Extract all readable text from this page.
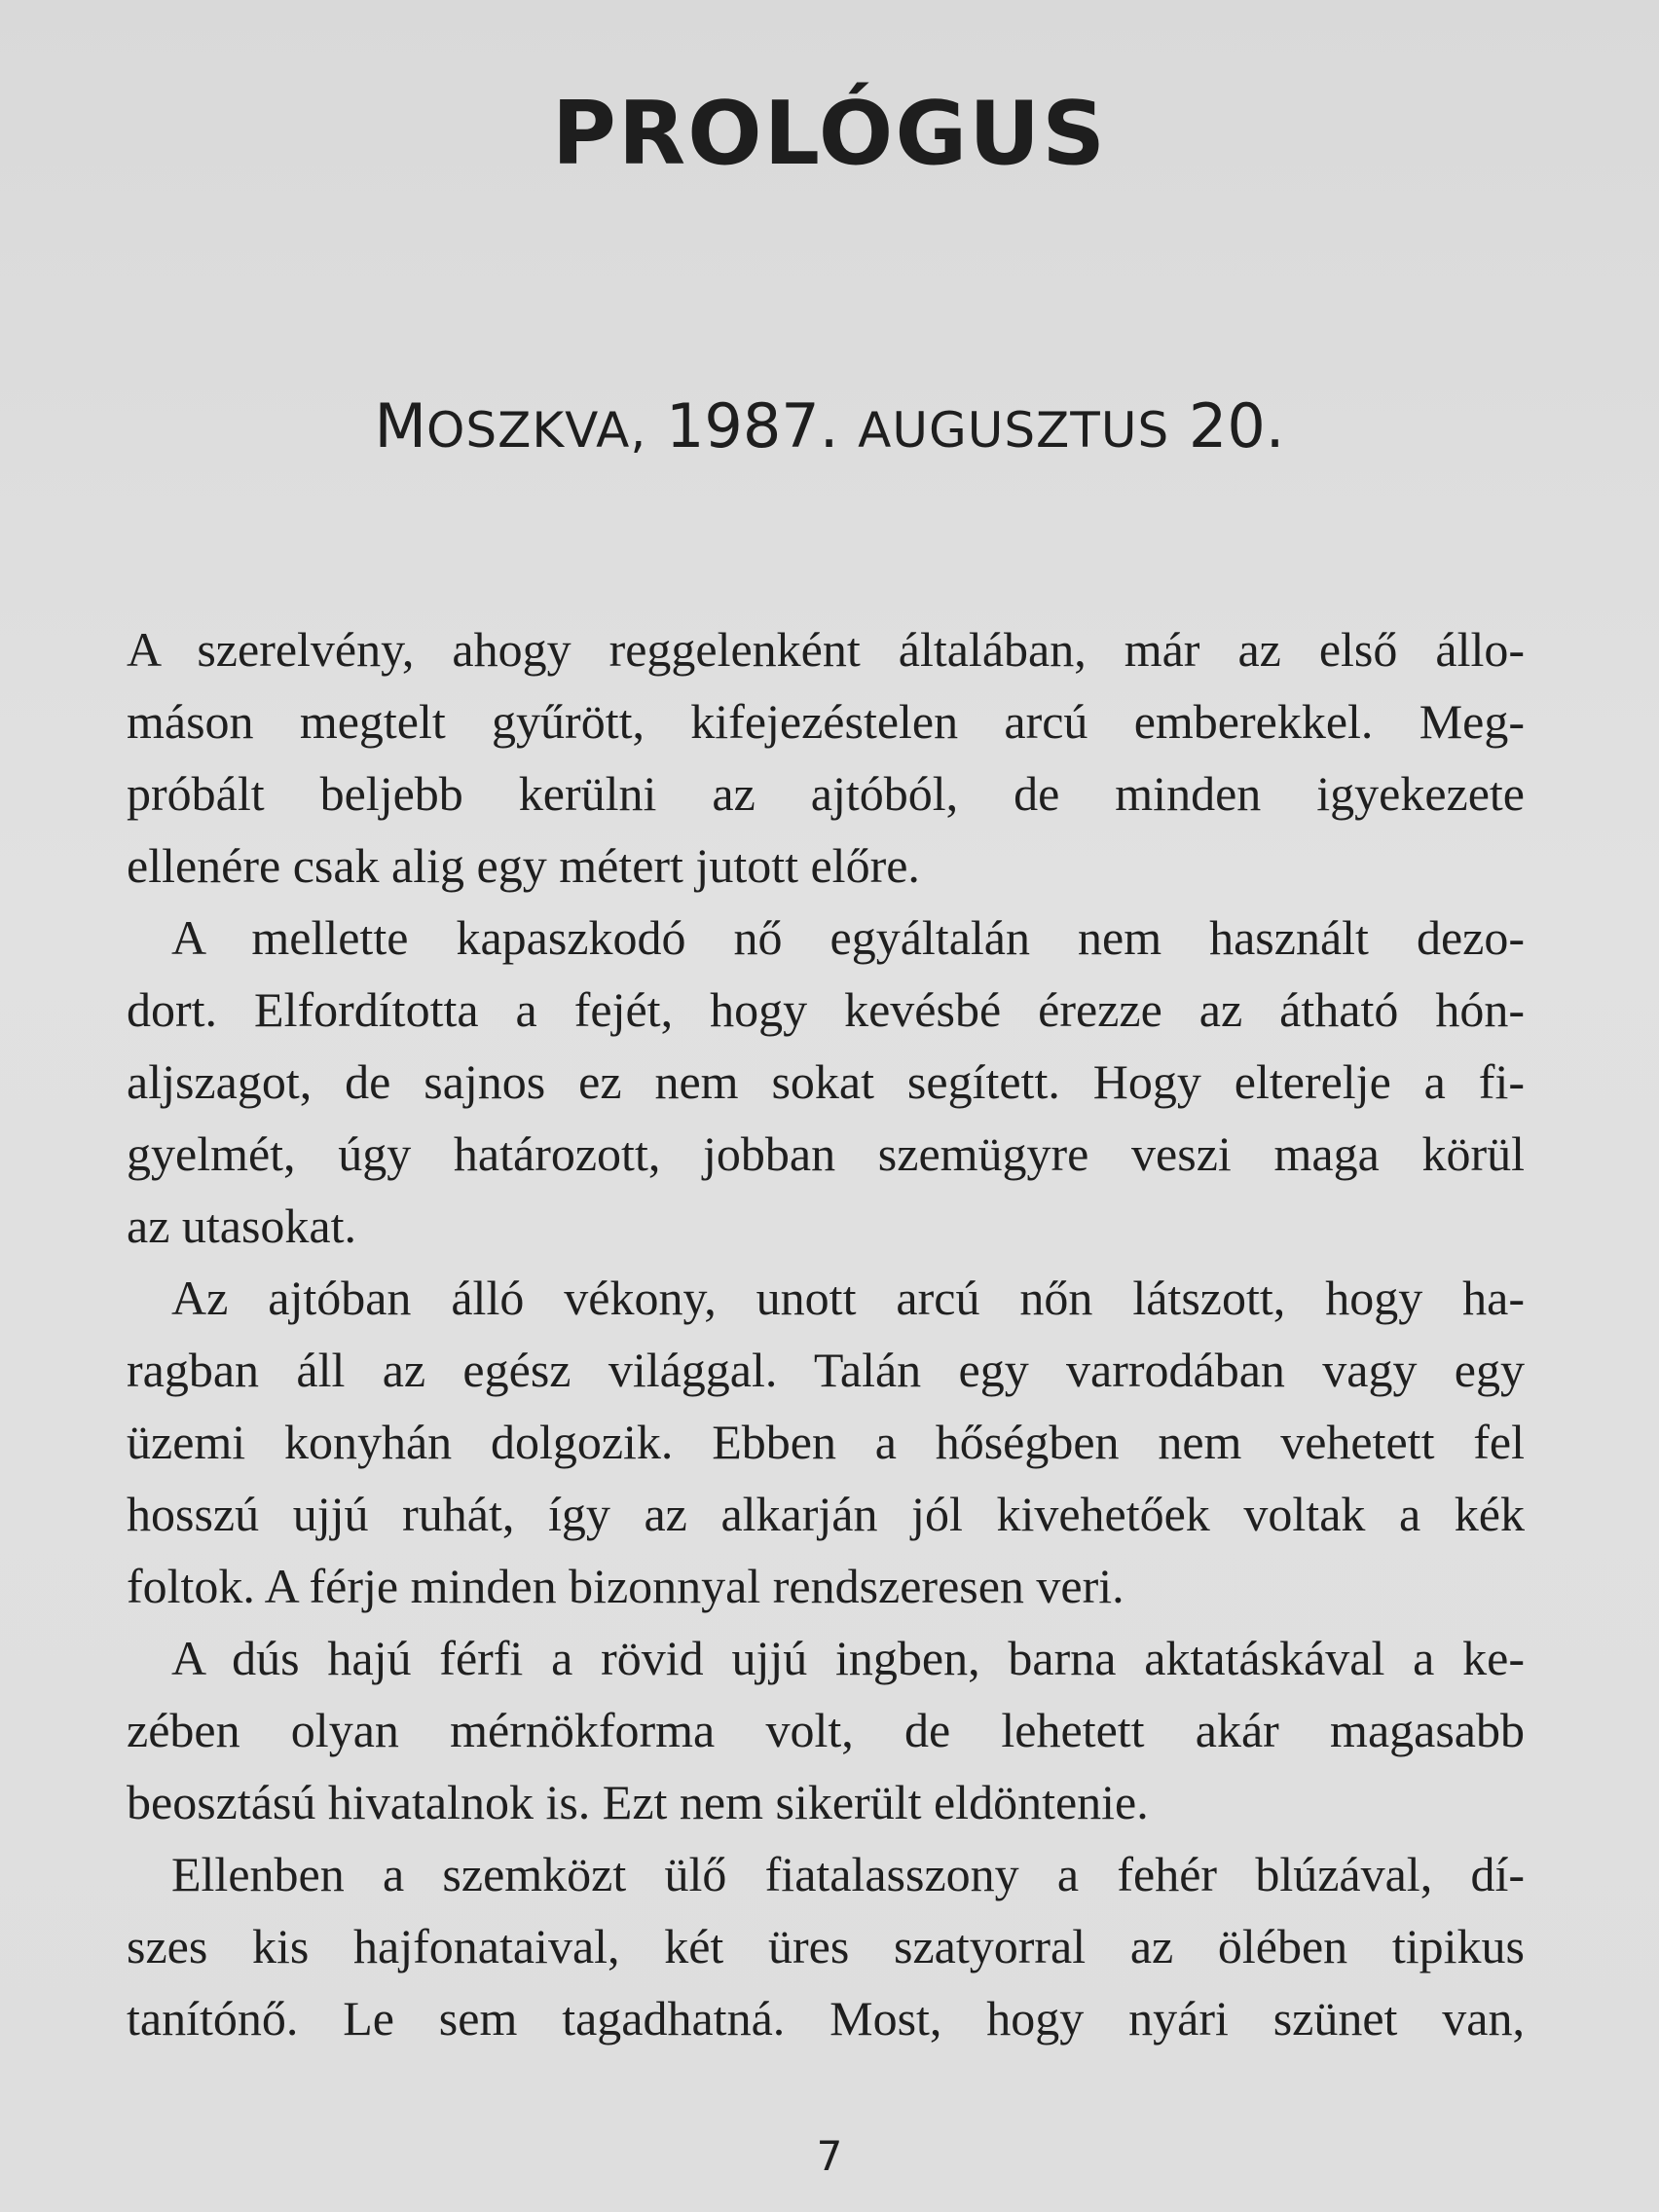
PROLÓGUS
MOSZKVA, 1987. AUGUSZTUS 20.
A szerelvény, ahogy reggelenként általában, már az első állo-
máson megtelt gyűrött, kifejezéstelen arcú emberekkel. Meg-
próbált beljebb kerülni az ajtóból, de minden igyekezete
ellenére csak alig egy métert jutott előre.
A mellette kapaszkodó nő egyáltalán nem használt dezo-
dort. Elfordította a fejét, hogy kevésbé érezze az átható hón-
aljszagot, de sajnos ez nem sokat segített. Hogy elterelje a fi-
gyelmét, úgy határozott, jobban szemügyre veszi maga körül
az utasokat.
Az ajtóban álló vékony, unott arcú nőn látszott, hogy ha-
ragban áll az egész világgal. Talán egy varrodában vagy egy
üzemi konyhán dolgozik. Ebben a hőségben nem vehetett fel
hosszú ujjú ruhát, így az alkarján jól kivehetőek voltak a kék
foltok. A férje minden bizonnyal rendszeresen veri.
A dús hajú férfi a rövid ujjú ingben, barna aktatáskával a ke-
zében olyan mérnökforma volt, de lehetett akár magasabb
beosztású hivatalnok is. Ezt nem sikerült eldöntenie.
Ellenben a szemközt ülő fiatalasszony a fehér blúzával, dí-
szes kis hajfonataival, két üres szatyorral az ölében tipikus
tanítónő. Le sem tagadhatná. Most, hogy nyári szünet van,
7
